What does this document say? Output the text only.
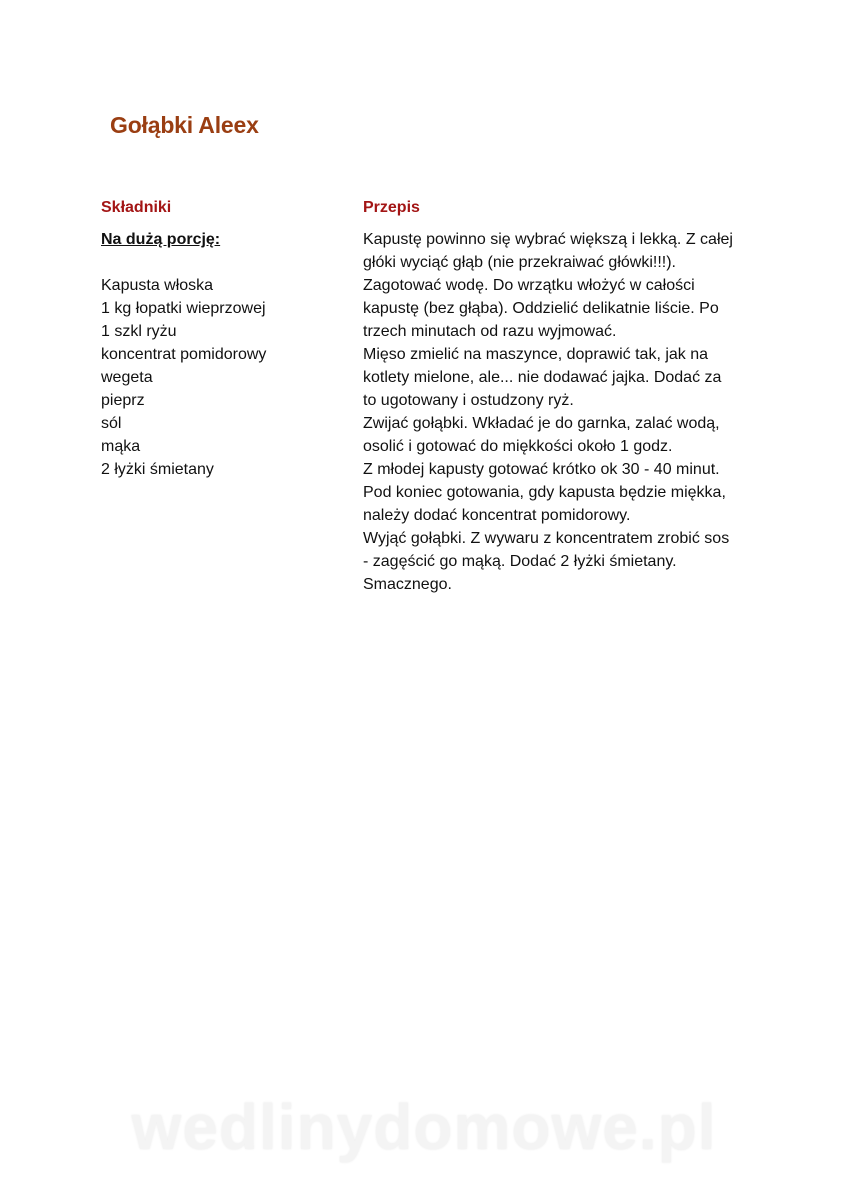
Gołąbki Aleex
Składniki
Na dużą porcję:
Kapusta włoska
1 kg łopatki wieprzowej
1 szkl ryżu
koncentrat pomidorowy
wegeta
pieprz
sól
mąka
2 łyżki śmietany
Przepis
Kapustę powinno się wybrać większą i lekką. Z całej
głóki wyciąć głąb (nie przekraiwać główki!!!).
Zagotować wodę. Do wrzątku włożyć w całości
kapustę (bez głąba). Oddzielić delikatnie liście. Po
trzech minutach od razu wyjmować.
Mięso zmielić na maszynce, doprawić tak, jak na
kotlety mielone, ale... nie dodawać jajka. Dodać za
to ugotowany i ostudzony ryż.
Zwijać gołąbki. Wkładać je do garnka, zalać wodą,
osolić i gotować do miękkości około 1 godz.
Z młodej kapusty gotować krótko ok 30 - 40 minut.
Pod koniec gotowania, gdy kapusta będzie miękka,
należy dodać koncentrat pomidorowy.
Wyjąć gołąbki. Z wywaru z koncentratem zrobić sos
- zagęścić go mąką. Dodać 2 łyżki śmietany.
Smacznego.
wedlinydomowe.pl
